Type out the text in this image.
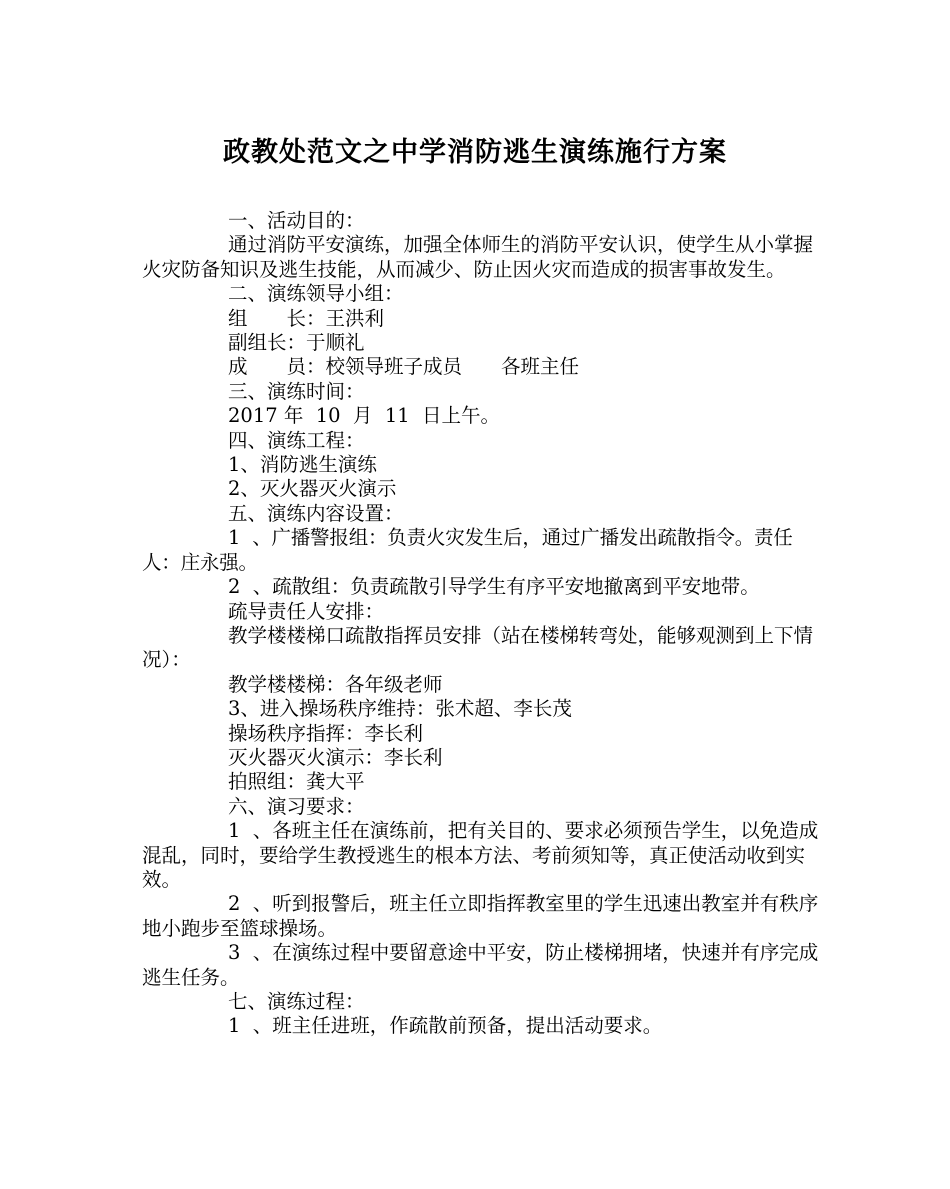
政教处范文之中学消防逃生演练施行方案

一、活动目的：

通过消防平安演练，加强全体师生的消防平安认识，使学生从小掌握火灾防备知识及逃生技能，从而减少、防止因火灾而造成的损害事故发生。

二、演练领导小组：

组　　长：王洪利

副组长：于顺礼

成　　员：校领导班子成员　　各班主任

三、演练时间：

2017 年  10  月  11  日上午。

四、演练工程：

1、消防逃生演练

2、灭火器灭火演示

五、演练内容设置：

1  、广播警报组：负责火灾发生后，通过广播发出疏散指令。责任人：庄永强。

2  、疏散组：负责疏散引导学生有序平安地撤离到平安地带。

疏导责任人安排：

教学楼楼梯口疏散指挥员安排（站在楼梯转弯处，能够观测到上下情况）：

教学楼楼梯：各年级老师

3、进入操场秩序维持：张术超、李长茂

操场秩序指挥：李长利

灭火器灭火演示：李长利

拍照组：龚大平

六、演习要求：

1  、各班主任在演练前，把有关目的、要求必须预告学生，以免造成混乱，同时，要给学生教授逃生的根本方法、考前须知等，真正使活动收到实效。

2  、听到报警后，班主任立即指挥教室里的学生迅速出教室并有秩序地小跑步至篮球操场。

3  、在演练过程中要留意途中平安，防止楼梯拥堵，快速并有序完成逃生任务。

七、演练过程：

1  、班主任进班，作疏散前预备，提出活动要求。
